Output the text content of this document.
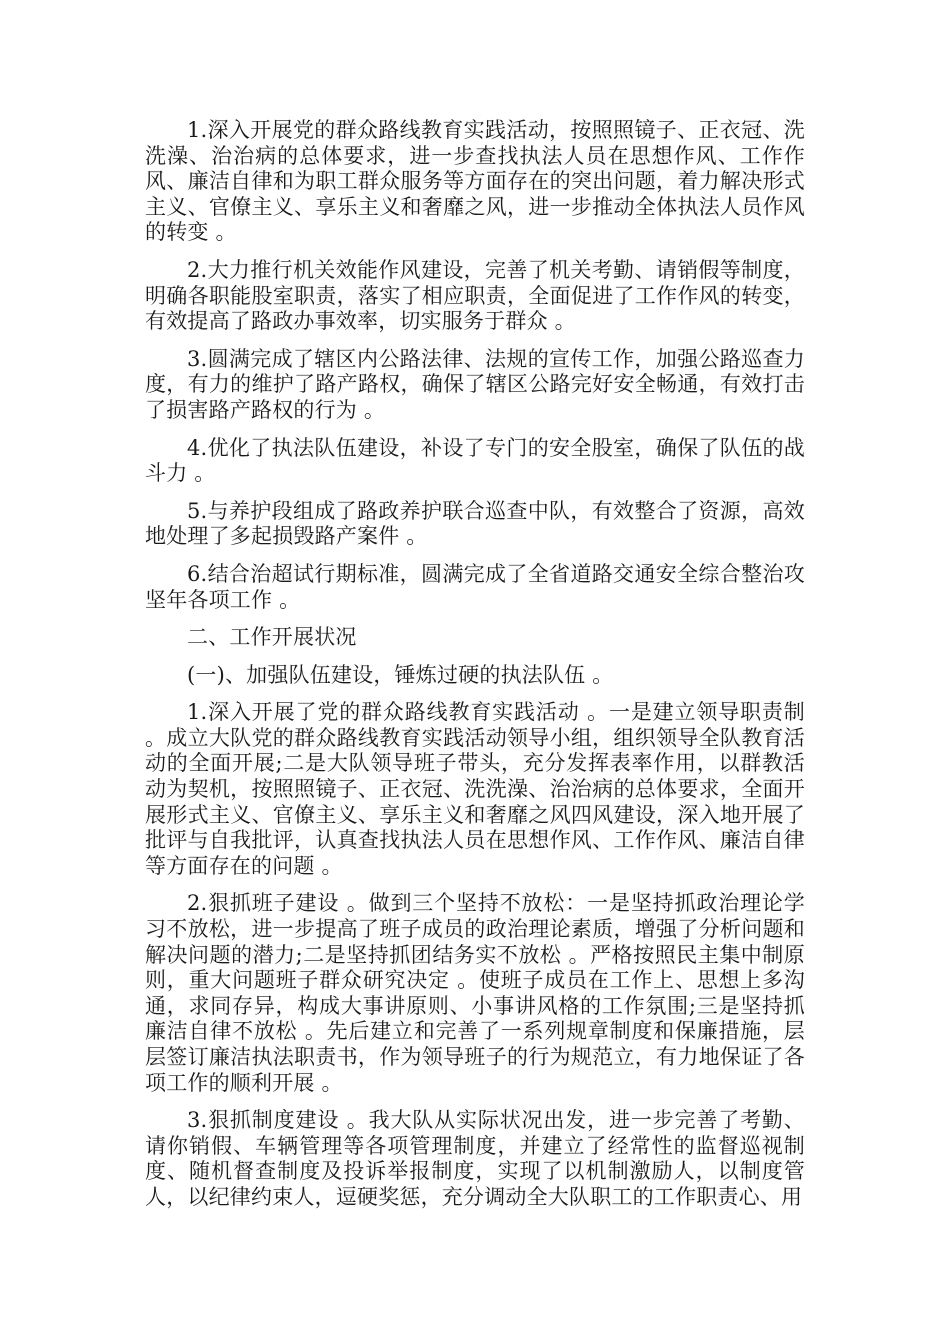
1.深入开展党的群众路线教育实践活动，按照照镜子、正衣冠、洗洗澡、治治病的总体要求，进一步查找执法人员在思想作风、工作作风、廉洁自律和为职工群众服务等方面存在的突出问题，着力解决形式主义、官僚主义、享乐主义和奢靡之风，进一步推动全体执法人员作风的转变 。

2.大力推行机关效能作风建设，完善了机关考勤、请销假等制度，明确各职能股室职责，落实了相应职责，全面促进了工作作风的转变，有效提高了路政办事效率，切实服务于群众 。

3.圆满完成了辖区内公路法律、法规的宣传工作，加强公路巡查力度，有力的维护了路产路权，确保了辖区公路完好安全畅通，有效打击了损害路产路权的行为 。

4.优化了执法队伍建设，补设了专门的安全股室，确保了队伍的战斗力 。

5.与养护段组成了路政养护联合巡查中队，有效整合了资源，高效地处理了多起损毁路产案件 。

6.结合治超试行期标准，圆满完成了全省道路交通安全综合整治攻坚年各项工作 。

二、工作开展状况

(一)、加强队伍建设，锤炼过硬的执法队伍 。

1.深入开展了党的群众路线教育实践活动 。一是建立领导职责制 。成立大队党的群众路线教育实践活动领导小组，组织领导全队教育活动的全面开展;二是大队领导班子带头，充分发挥表率作用，以群教活动为契机，按照照镜子、正衣冠、洗洗澡、治治病的总体要求，全面开展形式主义、官僚主义、享乐主义和奢靡之风四风建设，深入地开展了批评与自我批评，认真查找执法人员在思想作风、工作作风、廉洁自律等方面存在的问题 。

2.狠抓班子建设 。做到三个坚持不放松：一是坚持抓政治理论学习不放松，进一步提高了班子成员的政治理论素质，增强了分析问题和解决问题的潜力;二是坚持抓团结务实不放松 。严格按照民主集中制原则，重大问题班子群众研究决定 。使班子成员在工作上、思想上多沟通，求同存异，构成大事讲原则、小事讲风格的工作氛围;三是坚持抓廉洁自律不放松 。先后建立和完善了一系列规章制度和保廉措施，层层签订廉洁执法职责书，作为领导班子的行为规范立，有力地保证了各项工作的顺利开展 。

3.狠抓制度建设 。我大队从实际状况出发，进一步完善了考勤、请你销假、车辆管理等各项管理制度，并建立了经常性的监督巡视制度、随机督查制度及投诉举报制度，实现了以机制激励人，以制度管人，以纪律约束人，逗硬奖惩，充分调动全大队职工的工作职责心、用
